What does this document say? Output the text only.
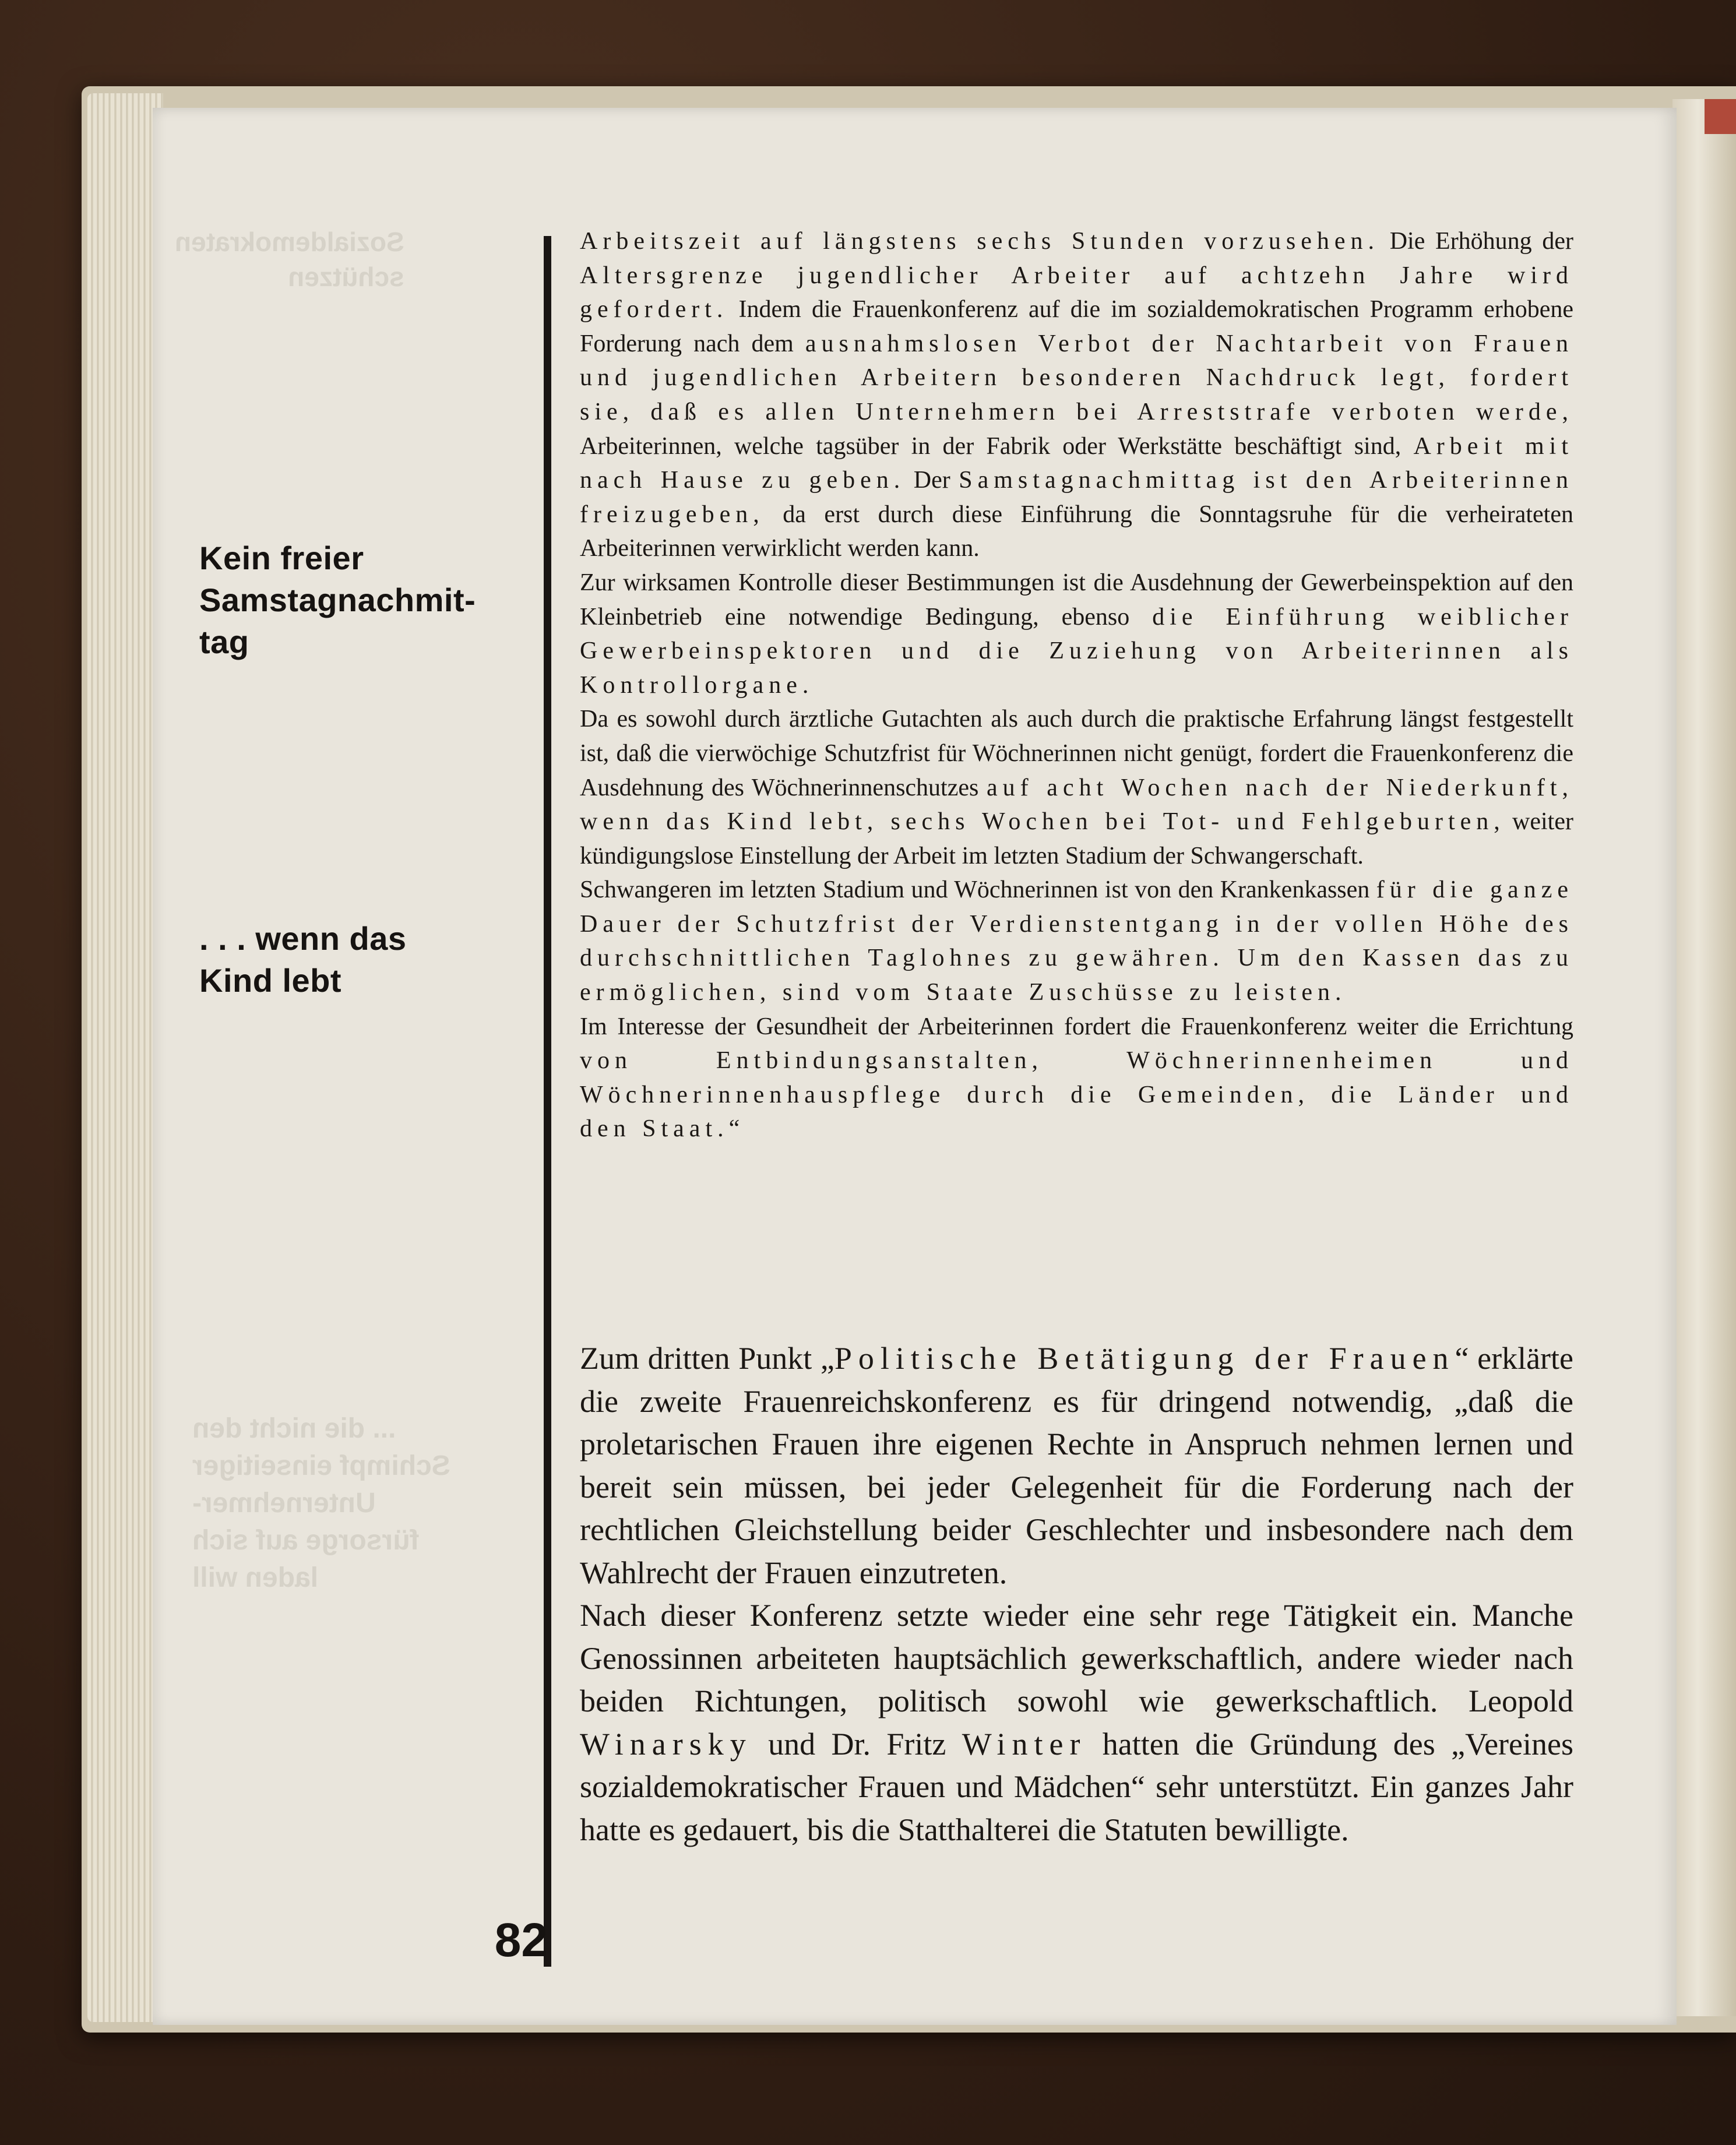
Sozialdemokraten
schützen
... die nicht den
Schimpf einseitiger
Unternehmer-
fürsorge auf sich
laden will
Kein freier
Samstagnachmit-
tag
. . . wenn das
Kind lebt

Arbeitszeit auf längstens sechs Stunden vorzusehen. Die Erhöhung der Altersgrenze jugendlicher Arbeiter auf achtzehn Jahre wird gefordert. Indem die Frauenkonferenz auf die im sozialdemokratischen Programm erhobene Forderung nach dem ausnahmslosen Verbot der Nachtarbeit von Frauen und jugendlichen Arbeitern besonderen Nachdruck legt, fordert sie, daß es allen Unternehmern bei Arreststrafe verboten werde, Arbeiterinnen, welche tagsüber in der Fabrik oder Werkstätte beschäftigt sind, Arbeit mit nach Hause zu geben. Der Samstagnachmittag ist den Arbeiterinnen freizugeben, da erst durch diese Einführung die Sonntagsruhe für die verheirateten Arbeiterinnen verwirklicht werden kann.

Zur wirksamen Kontrolle dieser Bestimmungen ist die Ausdehnung der Gewerbeinspektion auf den Kleinbetrieb eine notwendige Bedingung, ebenso die Einführung weiblicher Gewerbeinspektoren und die Zuziehung von Arbeiterinnen als Kontrollorgane.

Da es sowohl durch ärztliche Gutachten als auch durch die praktische Erfahrung längst festgestellt ist, daß die vierwöchige Schutzfrist für Wöchnerinnen nicht genügt, fordert die Frauenkonferenz die Ausdehnung des Wöchnerinnenschutzes auf acht Wochen nach der Niederkunft, wenn das Kind lebt, sechs Wochen bei Tot- und Fehlgeburten, weiter kündigungslose Einstellung der Arbeit im letzten Stadium der Schwangerschaft.

Schwangeren im letzten Stadium und Wöchnerinnen ist von den Krankenkassen für die ganze Dauer der Schutzfrist der Verdienstentgang in der vollen Höhe des durchschnittlichen Taglohnes zu gewähren. Um den Kassen das zu ermöglichen, sind vom Staate Zuschüsse zu leisten.

Im Interesse der Gesundheit der Arbeiterinnen fordert die Frauenkonferenz weiter die Errichtung von Entbindungsanstalten, Wöchnerinnenheimen und Wöchnerinnenhauspflege durch die Gemeinden, die Länder und den Staat.“

Zum dritten Punkt „Politische Betätigung der Frauen“ erklärte die zweite Frauenreichskonferenz es für dringend notwendig, „daß die proletarischen Frauen ihre eigenen Rechte in Anspruch nehmen lernen und bereit sein müssen, bei jeder Gelegenheit für die Forderung nach der rechtlichen Gleichstellung beider Geschlechter und insbesondere nach dem Wahlrecht der Frauen einzutreten.

Nach dieser Konferenz setzte wieder eine sehr rege Tätigkeit ein. Manche Genossinnen arbeiteten hauptsächlich gewerkschaftlich, andere wieder nach beiden Richtungen, politisch sowohl wie gewerkschaftlich. Leopold Winarsky und Dr. Fritz Winter hatten die Gründung des „Vereines sozialdemokratischer Frauen und Mädchen“ sehr unterstützt. Ein ganzes Jahr hatte es gedauert, bis die Statthalterei die Statuten bewilligte.

82
